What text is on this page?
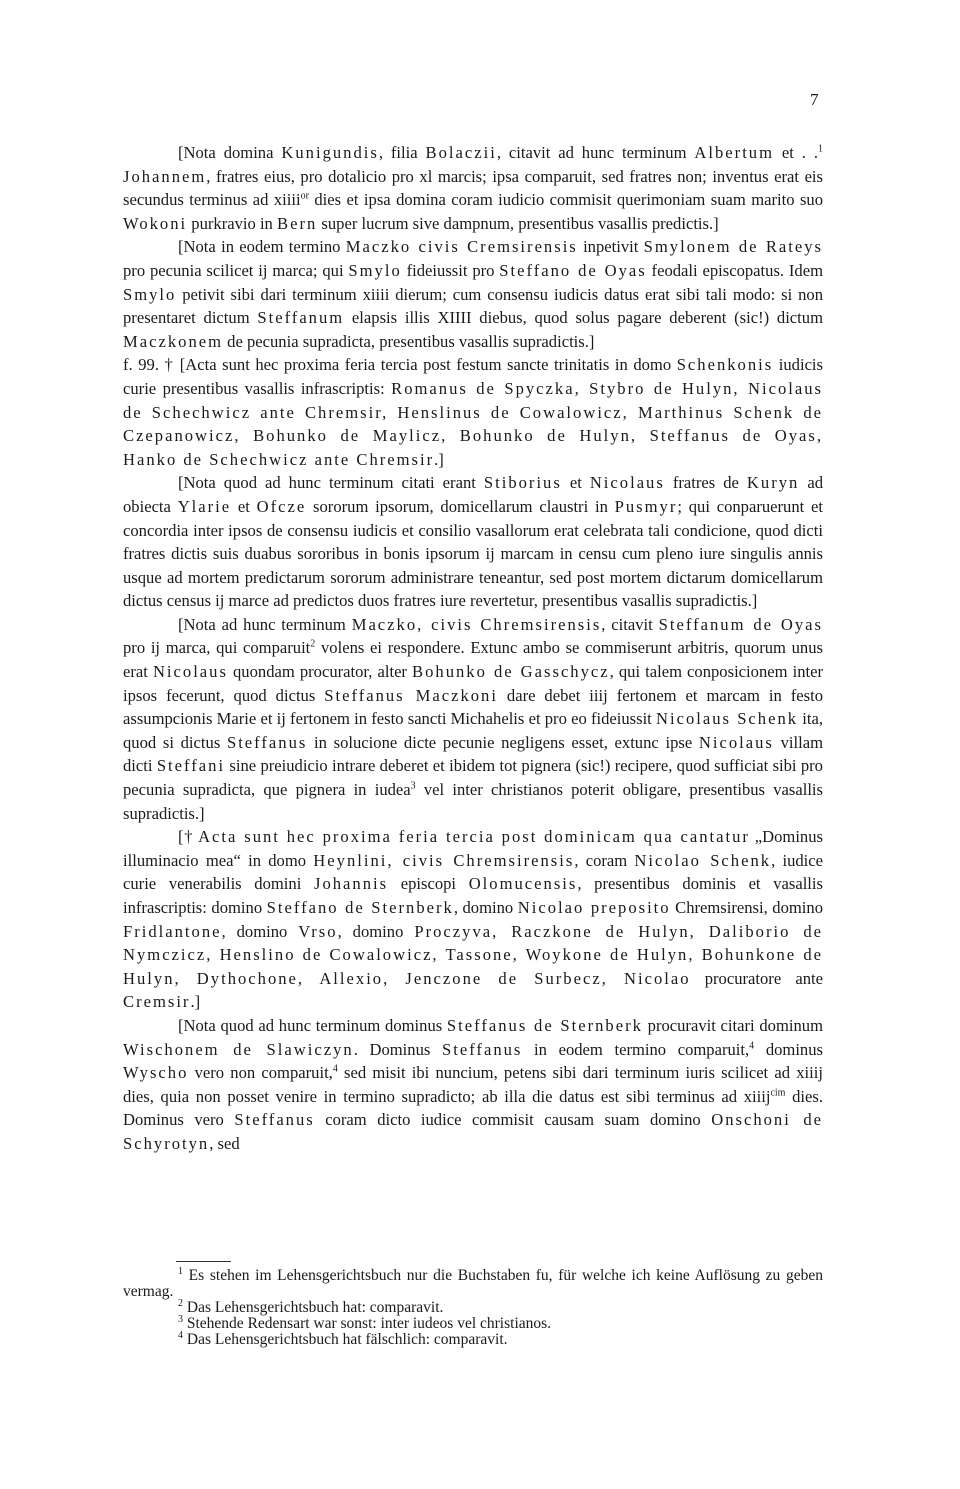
7

[Nota domina Kunigundis, filia Bolaczii, citavit ad hunc terminum Albertum et . .$^1$ Johannem, fratres eius, pro dotalicio pro xl marcis; ipsa comparuit, sed fratres non; inventus erat eis secundus terminus ad xiiii$^{or}$ dies et ipsa domina coram iudicio commisit querimoniam suam marito suo Wokoni purkravio in Bern super lucrum sive dampnum, presentibus vasallis predictis.]

[Nota in eodem termino Maczko civis Cremsirensis inpetivit Smylonem de Rateys pro pecunia scilicet ij marca; qui Smylo fideiussit pro Steffano de Oyas feodali episcopatus. Idem Smylo petivit sibi dari terminum xiiii dierum; cum consensu iudicis datus erat sibi tali modo: si non presentaret dictum Steffanum elapsis illis XIIII diebus, quod solus pagare deberent (sic!) dictum Maczkonem de pecunia supradicta, presentibus vasallis supradictis.]

f. 99. † [Acta sunt hec proxima feria tercia post festum sancte trinitatis in domo Schenkonis iudicis curie presentibus vasallis infrascriptis: Romanus de Spyczka, Stybro de Hulyn, Nicolaus de Schechwicz ante Chremsir, Henslinus de Cowalowicz, Marthinus Schenk de Czepanowicz, Bohunko de Maylicz, Bohunko de Hulyn, Steffanus de Oyas, Hanko de Schechwicz ante Chremsir.]

[Nota quod ad hunc terminum citati erant Stiborius et Nicolaus fratres de Kuryn ad obiecta Ylarie et Ofcze sororum ipsorum, domicellarum claustri in Pusmyr; qui conparuerunt et concordia inter ipsos de consensu iudicis et consilio vasallorum erat celebrata tali condicione, quod dicti fratres dictis suis duabus sororibus in bonis ipsorum ij marcam in censu cum pleno iure singulis annis usque ad mortem predictarum sororum administrare teneantur, sed post mortem dictarum domicellarum dictus census ij marce ad predictos duos fratres iure revertetur, presentibus vasallis supradictis.]

[Nota ad hunc terminum Maczko, civis Chremsirensis, citavit Steffanum de Oyas pro ij marca, qui comparuit$^2$ volens ei respondere. Extunc ambo se commiserunt arbitris, quorum unus erat Nicolaus quondam procurator, alter Bohunko de Gasschycz, qui talem conposicionem inter ipsos fecerunt, quod dictus Steffanus Maczkoni dare debet iiij fertonem et marcam in festo assumpcionis Marie et ij fertonem in festo sancti Michahelis et pro eo fideiussit Nicolaus Schenk ita, quod si dictus Steffanus in solucione dicte pecunie negligens esset, extunc ipse Nicolaus villam dicti Steffani sine preiudicio intrare deberet et ibidem tot pignera (sic!) recipere, quod sufficiat sibi pro pecunia supradicta, que pignera in iudea$^3$ vel inter christianos poterit obligare, presentibus vasallis supradictis.]

[† Acta sunt hec proxima feria tercia post dominicam qua cantatur „Dominus illuminacio mea“ in domo Heynlini, civis Chremsirensis, coram Nicolao Schenk, iudice curie venerabilis domini Johannis episcopi Olomucensis, presentibus dominis et vasallis infrascriptis: domino Steffano de Sternberk, domino Nicolao preposito Chremsirensi, domino Fridlantone, domino Vrso, domino Proczyva, Raczkone de Hulyn, Daliborio de Nymczicz, Henslino de Cowalowicz, Tassone, Woykone de Hulyn, Bohunkone de Hulyn, Dythochone, Allexio, Jenczone de Surbecz, Nicolao procuratore ante Cremsir.]

[Nota quod ad hunc terminum dominus Steffanus de Sternberk procuravit citari dominum Wischonem de Slawiczyn. Dominus Steffanus in eodem termino comparuit,$^4$ dominus Wyscho vero non comparuit,$^4$ sed misit ibi nuncium, petens sibi dari terminum iuris scilicet ad xiiij dies, quia non posset venire in termino supradicto; ab illa die datus est sibi terminus ad xiiij$^{cim}$ dies. Dominus vero Steffanus coram dicto iudice commisit causam suam domino Onschoni de Schyrotyn, sed

$^1$ Es stehen im Lehensgerichtsbuch nur die Buchstaben fu, für welche ich keine Auflösung zu geben vermag.

$^2$ Das Lehensgerichtsbuch hat: comparavit.

$^3$ Stehende Redensart war sonst: inter iudeos vel christianos.

$^4$ Das Lehensgerichtsbuch hat fälschlich: comparavit.
